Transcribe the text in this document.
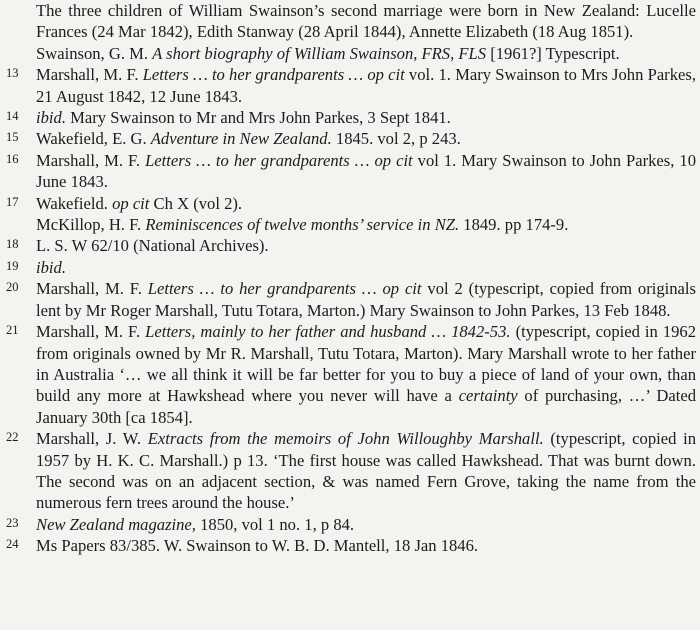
The three children of William Swainson’s second marriage were born in New Zealand: Lucelle Frances (24 Mar 1842), Edith Stanway (28 April 1844), Annette Elizabeth (18 Aug 1851).

Swainson, G. M. A short biography of William Swainson, FRS, FLS [1961?] Typescript.

13 Marshall, M. F. Letters … to her grandparents … op cit vol. 1. Mary Swainson to Mrs John Parkes, 21 August 1842, 12 June 1843.

14 ibid. Mary Swainson to Mr and Mrs John Parkes, 3 Sept 1841.

15 Wakefield, E. G. Adventure in New Zealand. 1845. vol 2, p 243.

16 Marshall, M. F. Letters … to her grandparents … op cit vol 1. Mary Swainson to John Parkes, 10 June 1843.

17 Wakefield. op cit Ch X (vol 2).

McKillop, H. F. Reminiscences of twelve months’ service in NZ. 1849. pp 174-9.

18 L. S. W 62/10 (National Archives).

19 ibid.

20 Marshall, M. F. Letters … to her grandparents … op cit vol 2 (typescript, copied from originals lent by Mr Roger Marshall, Tutu Totara, Marton.) Mary Swainson to John Parkes, 13 Feb 1848.

21 Marshall, M. F. Letters, mainly to her father and husband … 1842-53. (typescript, copied in 1962 from originals owned by Mr R. Marshall, Tutu Totara, Marton). Mary Marshall wrote to her father in Australia ‘… we all think it will be far better for you to buy a piece of land of your own, than build any more at Hawkshead where you never will have a certainty of purchasing, …’ Dated January 30th [ca 1854].

22 Marshall, J. W. Extracts from the memoirs of John Willoughby Marshall. (typescript, copied in 1957 by H. K. C. Marshall.) p 13. ‘The first house was called Hawkshead. That was burnt down. The second was on an adjacent section, & was named Fern Grove, taking the name from the numerous fern trees around the house.’

23 New Zealand magazine, 1850, vol 1 no. 1, p 84.

24 Ms Papers 83/385. W. Swainson to W. B. D. Mantell, 18 Jan 1846.
